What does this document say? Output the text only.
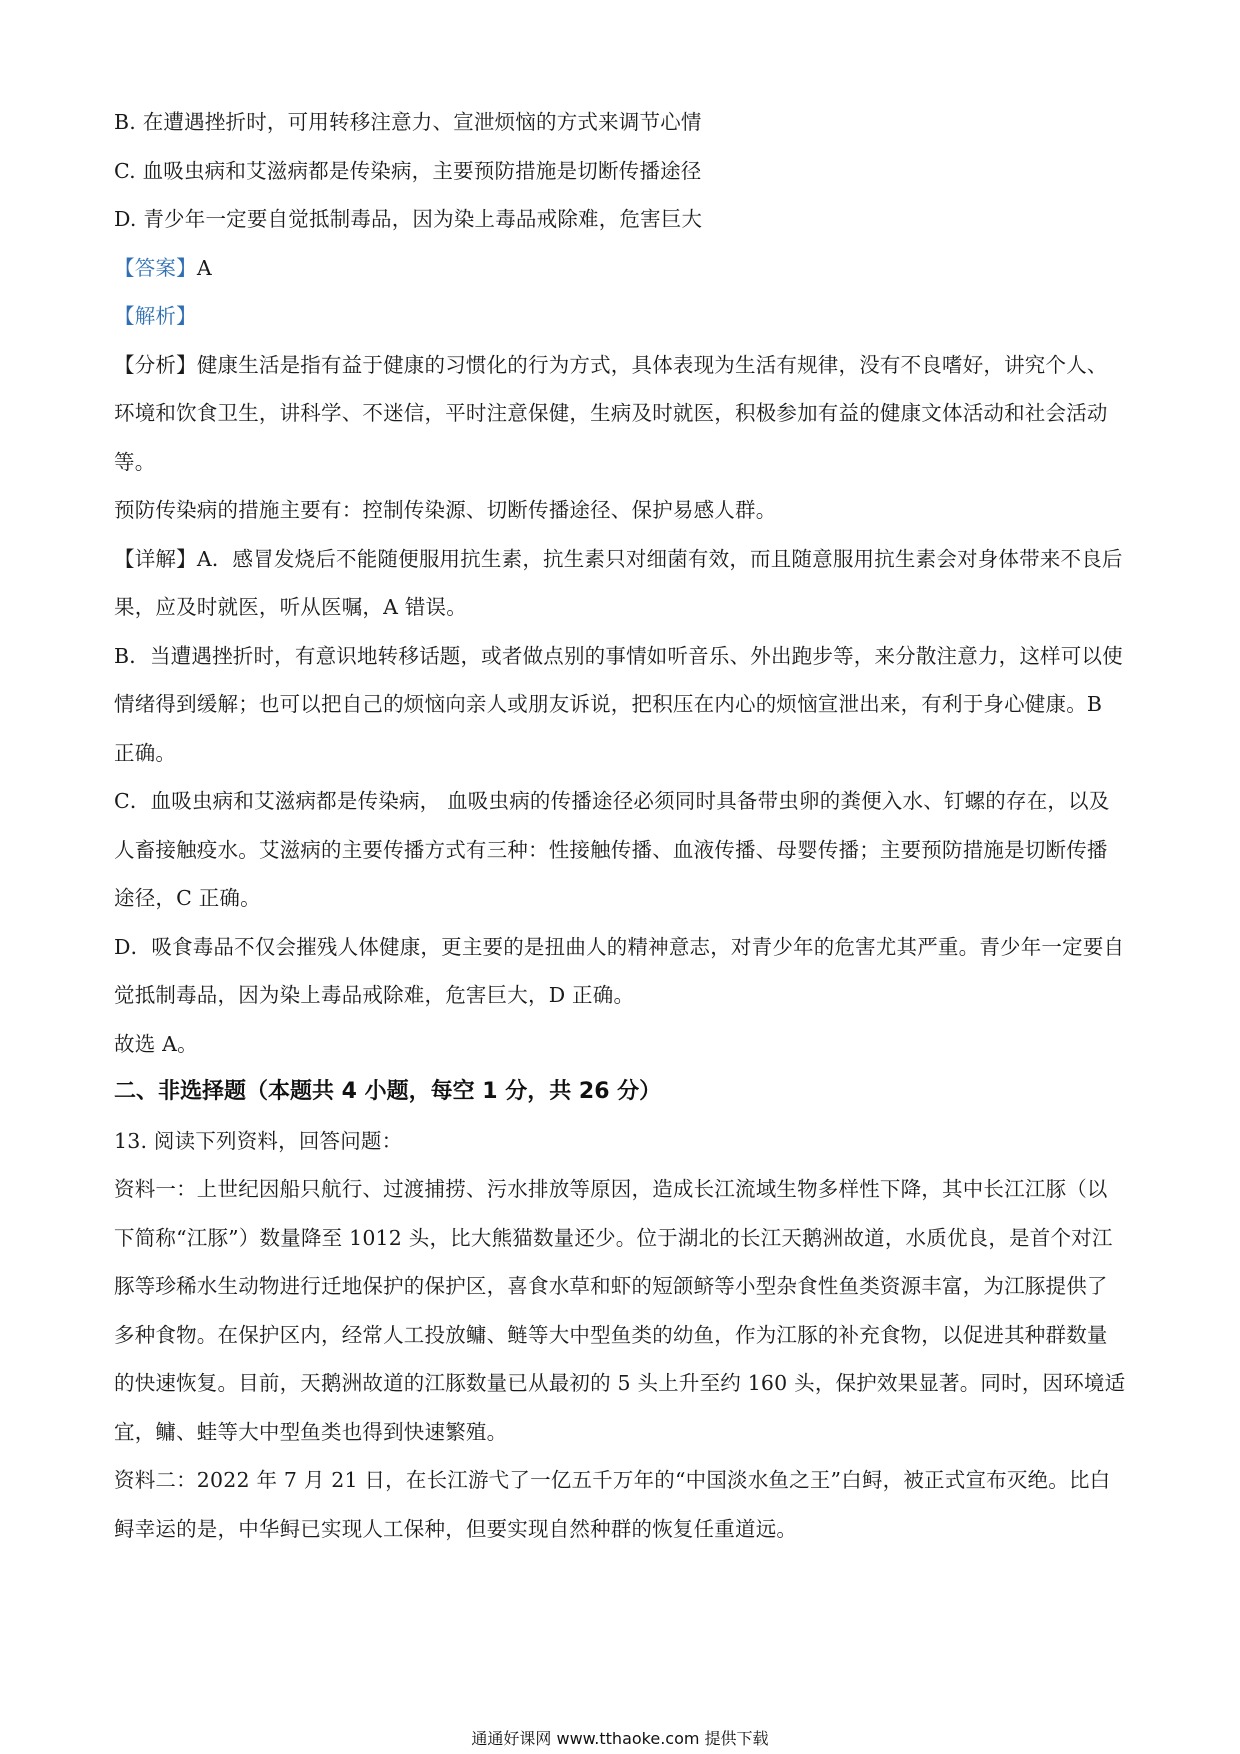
B. 在遭遇挫折时，可用转移注意力、宣泄烦恼的方式来调节心情
C. 血吸虫病和艾滋病都是传染病，主要预防措施是切断传播途径
D. 青少年一定要自觉抵制毒品，因为染上毒品戒除难，危害巨大
【答案】A
【解析】
【分析】健康生活是指有益于健康的习惯化的行为方式，具体表现为生活有规律，没有不良嗜好，讲究个人、环境和饮食卫生，讲科学、不迷信，平时注意保健，生病及时就医，积极参加有益的健康文体活动和社会活动等。
预防传染病的措施主要有：控制传染源、切断传播途径、保护易感人群。
【详解】A．感冒发烧后不能随便服用抗生素，抗生素只对细菌有效，而且随意服用抗生素会对身体带来不良后果，应及时就医，听从医嘱，A 错误。
B．当遭遇挫折时，有意识地转移话题，或者做点别的事情如听音乐、外出跑步等，来分散注意力，这样可以使情绪得到缓解；也可以把自己的烦恼向亲人或朋友诉说，把积压在内心的烦恼宣泄出来，有利于身心健康。B 正确。
C．血吸虫病和艾滋病都是传染病， 血吸虫病的传播途径必须同时具备带虫卵的粪便入水、钉螺的存在，以及人畜接触疫水。艾滋病的主要传播方式有三种：性接触传播、血液传播、母婴传播；主要预防措施是切断传播途径，C 正确。
D．吸食毒品不仅会摧残人体健康，更主要的是扭曲人的精神意志，对青少年的危害尤其严重。青少年一定要自觉抵制毒品，因为染上毒品戒除难，危害巨大，D 正确。
故选 A。
二、非选择题（本题共 4 小题，每空 1 分，共 26 分）
13. 阅读下列资料，回答问题：
资料一：上世纪因船只航行、过渡捕捞、污水排放等原因，造成长江流域生物多样性下降，其中长江江豚（以下简称“江豚”）数量降至 1012 头，比大熊猫数量还少。位于湖北的长江天鹅洲故道，水质优良，是首个对江豚等珍稀水生动物进行迁地保护的保护区，喜食水草和虾的短颌鲚等小型杂食性鱼类资源丰富，为江豚提供了多种食物。在保护区内，经常人工投放鳙、鲢等大中型鱼类的幼鱼，作为江豚的补充食物，以促进其种群数量的快速恢复。目前，天鹅洲故道的江豚数量已从最初的 5 头上升至约 160 头，保护效果显著。同时，因环境适宜，鳙、蛙等大中型鱼类也得到快速繁殖。
资料二：2022 年 7 月 21 日，在长江游弋了一亿五千万年的“中国淡水鱼之王”白鲟，被正式宣布灭绝。比白鲟幸运的是，中华鲟已实现人工保种，但要实现自然种群的恢复任重道远。
通通好课网 www.tthaoke.com 提供下载
